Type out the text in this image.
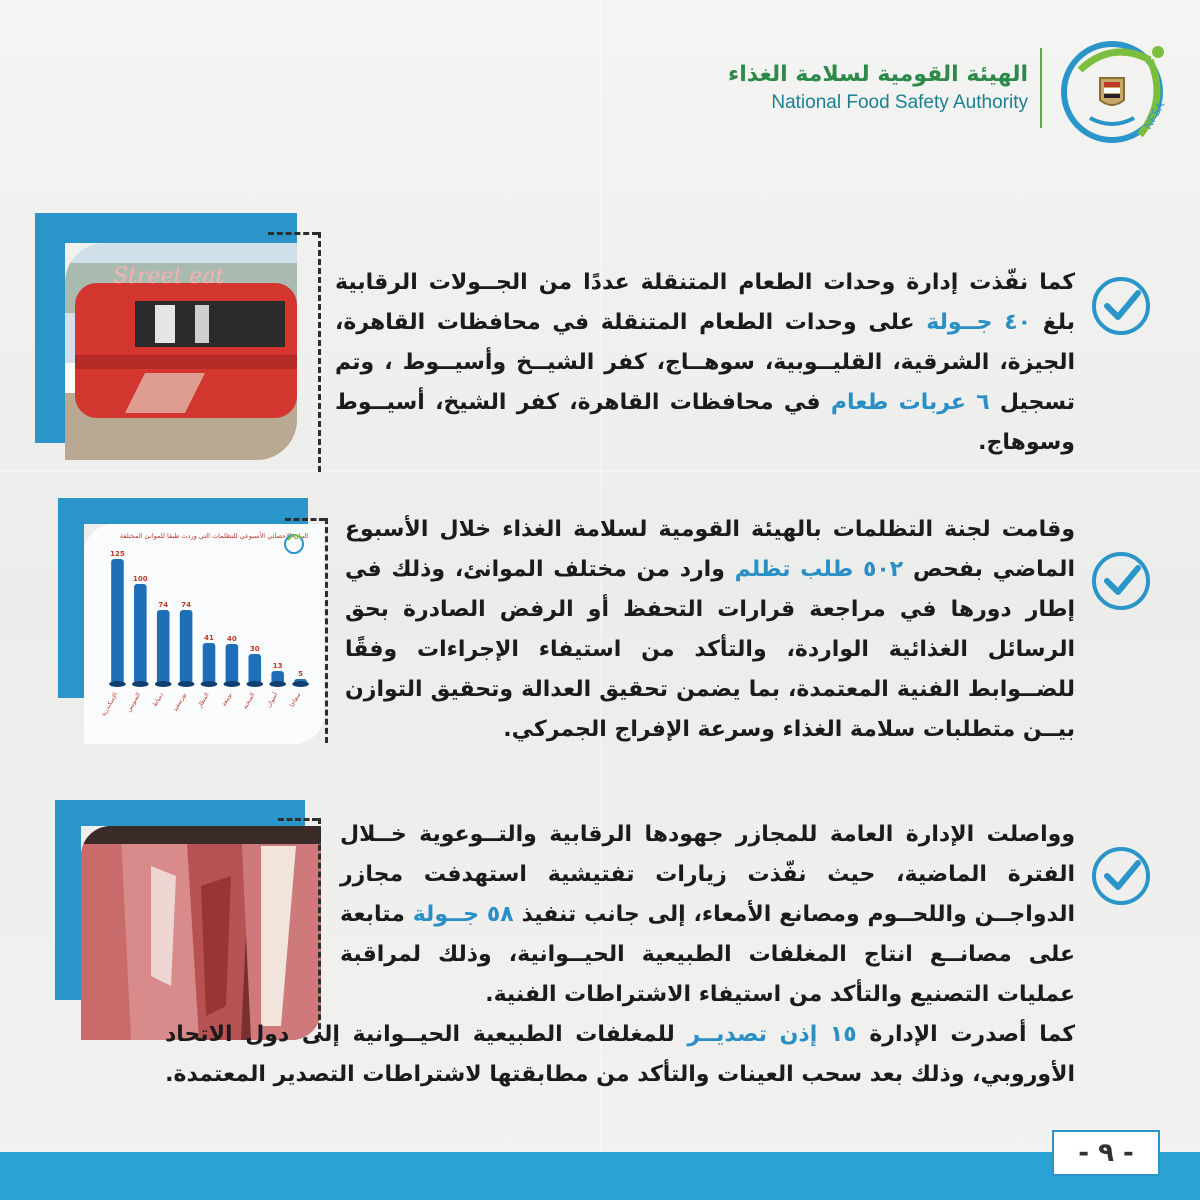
NFSA
الهيئة القومية لسلامة الغذاء
National Food Safety Authority
Street eat	كما نفّذت إدارة وحدات الطعام المتنقلة عددًا من الجــولات الرقابية بلغ ٤٠ جــولة على وحدات الطعام المتنقلة في محافظات القاهرة، الجيزة، الشرقية، القليــوبية، سوهــاج، كفر الشيــخ وأسيــوط ، وتم تسجيل ٦ عربات طعام في محافظات القاهرة، كفر الشيخ، أسيــوط وسوهاج.
البيان الاحصائي الأسبوعي للتظلمات التي وردت طبقا للموانئ المختلفة
125
100
74 74
41 40
30
13
5
الإسكندرية السويس دمياط بورسعيد المطار نويبعة السخنة أسوان سفاجا
وقامت لجنة التظلمات بالهيئة القومية لسلامة الغذاء خلال الأسبوع الماضي بفحص ٥٠٢ طلب تظلم وارد من مختلف الموانئ، وذلك في إطار دورها في مراجعة قرارات التحفظ أو الرفض الصادرة بحق الرسائل الغذائية الواردة، والتأكد من استيفاء الإجراءات وفقًا للضــوابط الفنية المعتمدة، بما يضمن تحقيق العدالة وتحقيق التوازن بيــن متطلبات سلامة الغذاء وسرعة الإفراج الجمركي.
وواصلت الإدارة العامة للمجازر جهودها الرقابية والتــوعوية خــلال الفترة الماضية، حيث نفّذت زيارات تفتيشية استهدفت مجازر الدواجــن واللحــوم ومصانع الأمعاء، إلى جانب تنفيذ ٥٨ جــولة متابعة على مصانــع انتاج المغلفات الطبيعية الحيــوانية، وذلك لمراقبة عمليات التصنيع والتأكد من استيفاء الاشتراطات الفنية.
كما أصدرت الإدارة ١٥ إذن تصديــر للمغلفات الطبيعية الحيــوانية إلى دول الاتحاد الأوروبي، وذلك بعد سحب العينات والتأكد من مطابقتها لاشتراطات التصدير المعتمدة.
- ٩ -
